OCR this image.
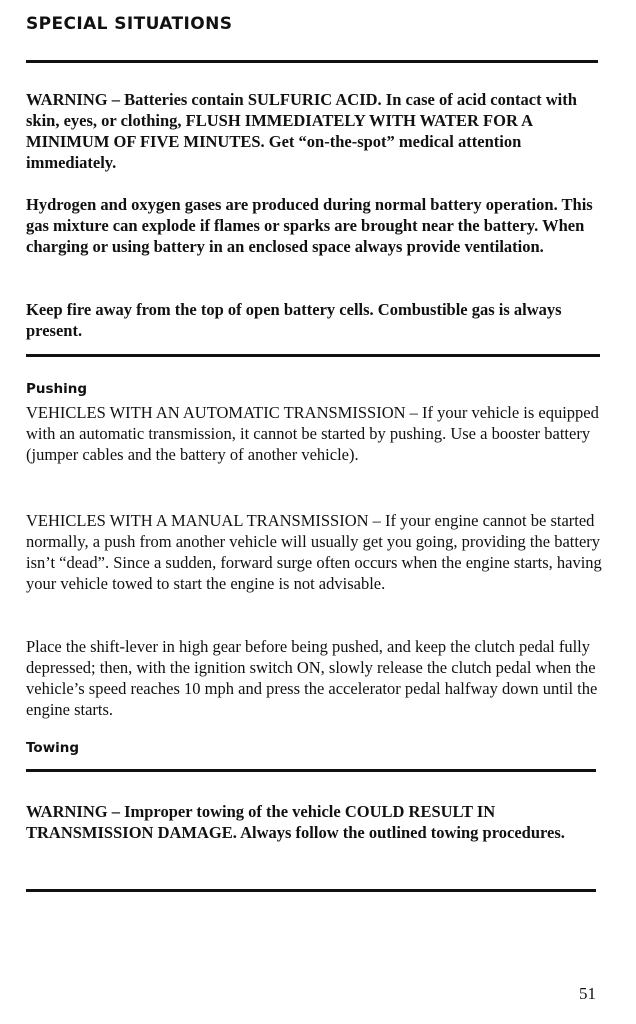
SPECIAL SITUATIONS

WARNING – Batteries contain SULFURIC ACID. In case of acid contact with skin, eyes, or clothing, FLUSH IMMEDIATELY WITH WATER FOR A MINIMUM OF FIVE MINUTES. Get “on-the-spot” medical attention immediately.

Hydrogen and oxygen gases are produced during normal battery operation. This gas mixture can explode if flames or sparks are brought near the battery. When charging or using battery in an enclosed space always provide ventilation.

Keep fire away from the top of open battery cells. Combustible gas is always present.

Pushing

VEHICLES WITH AN AUTOMATIC TRANSMISSION – If your vehicle is equipped with an automatic transmission, it cannot be started by pushing. Use a booster battery (jumper cables and the battery of another vehicle).

VEHICLES WITH A MANUAL TRANSMISSION – If your engine cannot be started normally, a push from another vehicle will usually get you going, providing the battery isn’t “dead”. Since a sudden, forward surge often occurs when the engine starts, having your vehicle towed to start the engine is not advisable.

Place the shift-lever in high gear before being pushed, and keep the clutch pedal fully depressed; then, with the ignition switch ON, slowly release the clutch pedal when the vehicle’s speed reaches 10 mph and press the accelerator pedal halfway down until the engine starts.

Towing

WARNING – Improper towing of the vehicle COULD RESULT IN TRANSMISSION DAMAGE. Always follow the outlined towing procedures.

51
